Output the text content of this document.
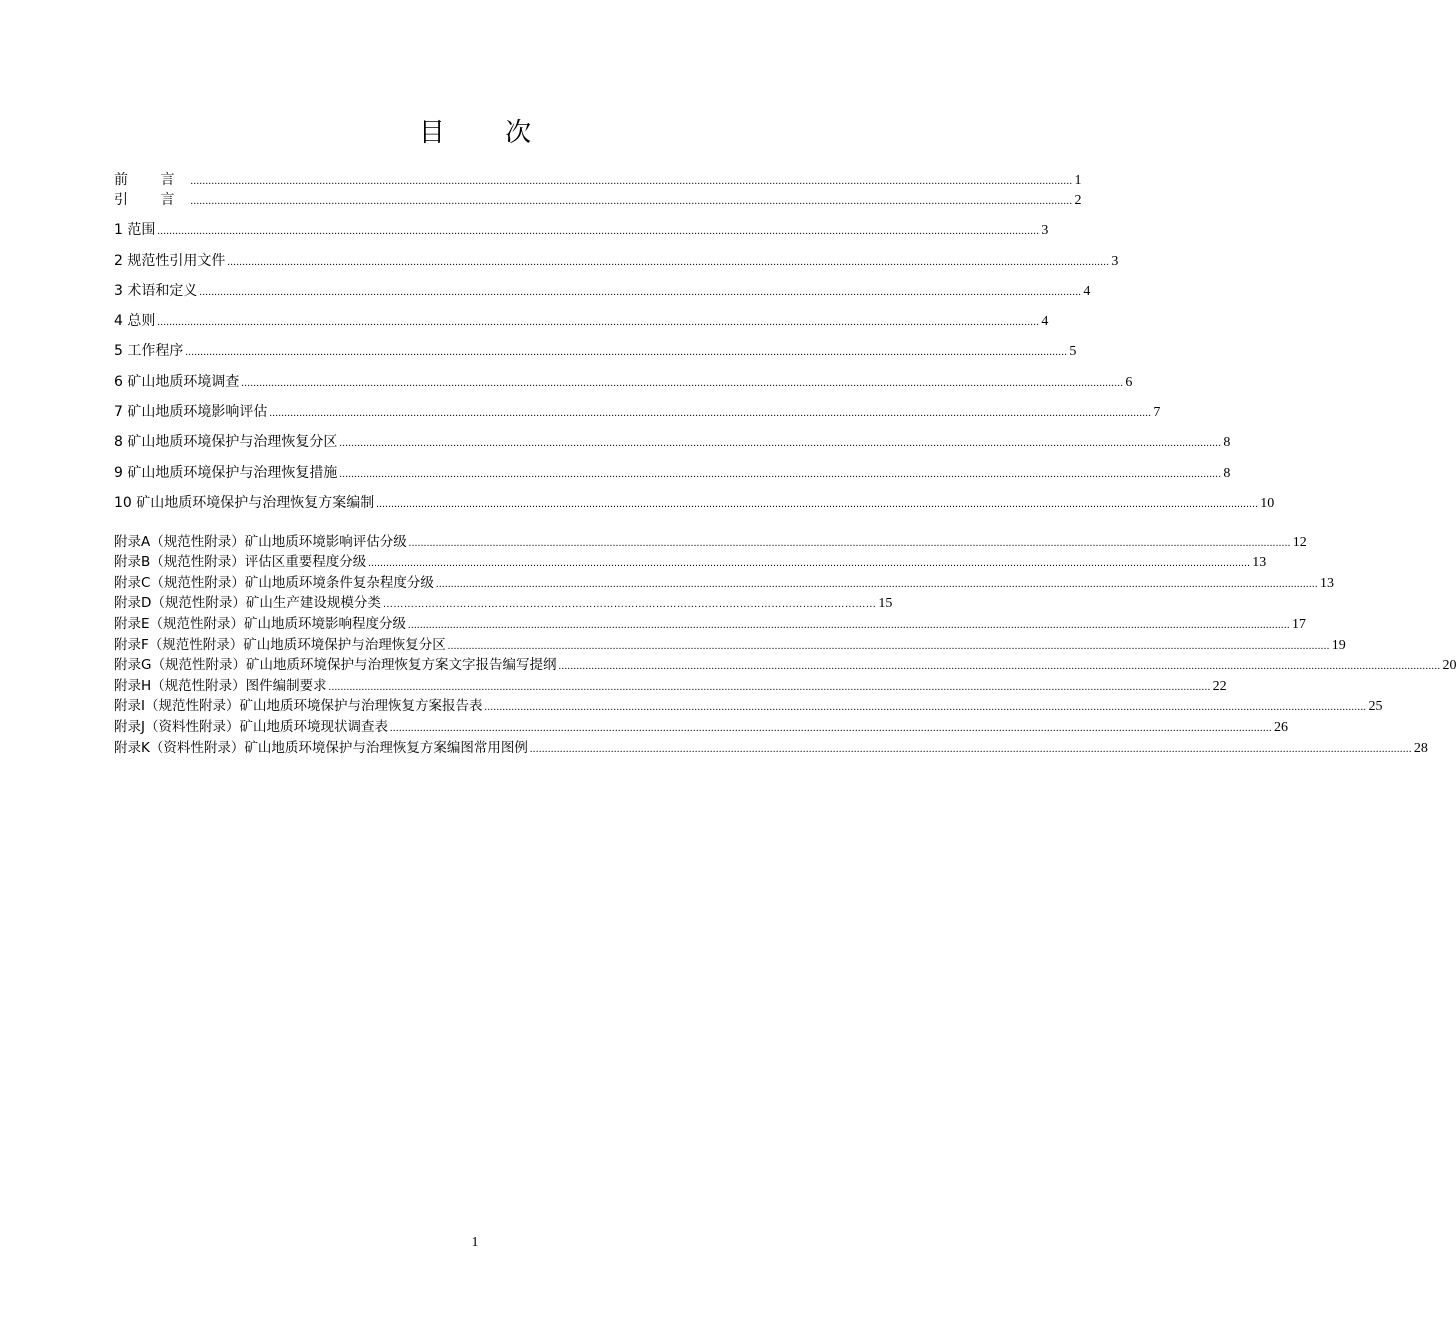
目 次
前 言 ...................................................................................................................................................................................................................................................................................................... 1
引 言 ...................................................................................................................................................................................................................................................................................................... 2
1 范围 ...................................................................................................................................................................................................................................................................................................... 3
2 规范性引用文件 ...................................................................................................................................................................................................................................................................................................... 3
3 术语和定义 ...................................................................................................................................................................................................................................................................................................... 4
4 总则 ...................................................................................................................................................................................................................................................................................................... 4
5 工作程序 ...................................................................................................................................................................................................................................................................................................... 5
6 矿山地质环境调查 ...................................................................................................................................................................................................................................................................................................... 6
7 矿山地质环境影响评估 ...................................................................................................................................................................................................................................................................................................... 7
8 矿山地质环境保护与治理恢复分区 ...................................................................................................................................................................................................................................................................................................... 8
9 矿山地质环境保护与治理恢复措施 ...................................................................................................................................................................................................................................................................................................... 8
10 矿山地质环境保护与治理恢复方案编制 ...................................................................................................................................................................................................................................................................................................... 10
附录A（规范性附录）矿山地质环境影响评估分级 ...................................................................................................................................................................................................................................................................................................... 12
附录B（规范性附录）评估区重要程度分级 ...................................................................................................................................................................................................................................................................................................... 13
附录C（规范性附录）矿山地质环境条件复杂程度分级 ...................................................................................................................................................................................................................................................................................................... 13
附录D（规范性附录）矿山生产建设规模分类 …………………………………………………………………………………………………………………………… 15
附录E（规范性附录）矿山地质环境影响程度分级 ...................................................................................................................................................................................................................................................................................................... 17
附录F（规范性附录）矿山地质环境保护与治理恢复分区 ...................................................................................................................................................................................................................................................................................................... 19
附录G（规范性附录）矿山地质环境保护与治理恢复方案文字报告编写提纲 ...................................................................................................................................................................................................................................................................................................... 20
附录H（规范性附录）图件编制要求 ...................................................................................................................................................................................................................................................................................................... 22
附录I（规范性附录）矿山地质环境保护与治理恢复方案报告表 ...................................................................................................................................................................................................................................................................................................... 25
附录J（资料性附录）矿山地质环境现状调查表 ...................................................................................................................................................................................................................................................................................................... 26
附录K（资料性附录）矿山地质环境保护与治理恢复方案编图常用图例 ...................................................................................................................................................................................................................................................................................................... 28
1
